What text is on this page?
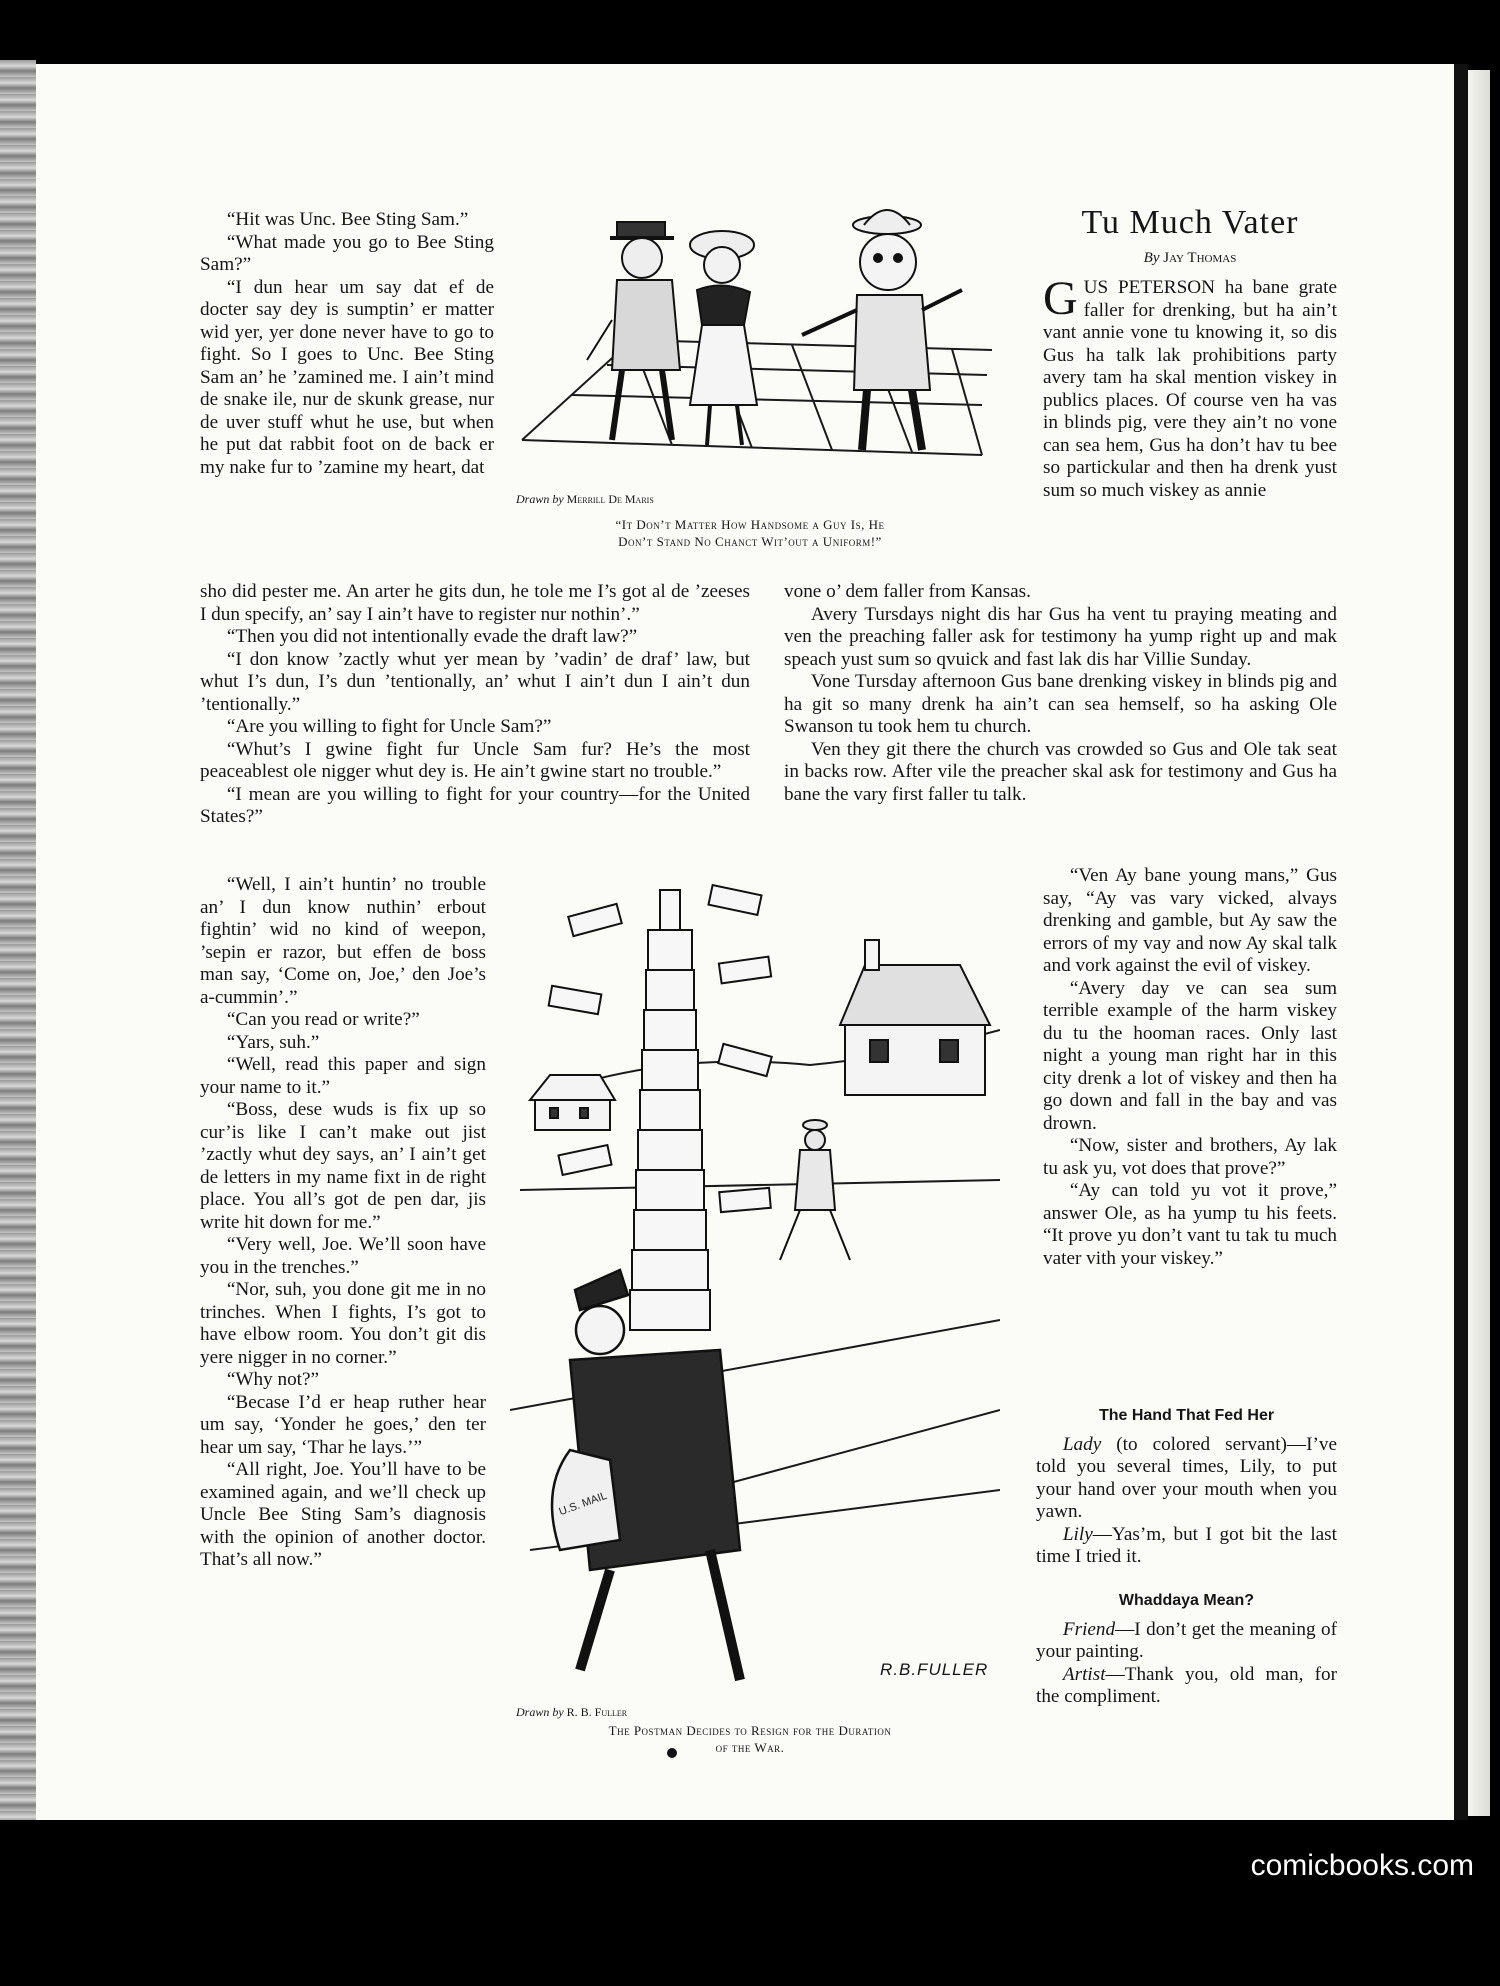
comicbooks.com

“Hit was Unc. Bee Sting Sam.”

“What made you go to Bee Sting Sam?”

“I dun hear um say dat ef de docter say dey is sumptin’ er matter wid yer, yer done never have to go to fight. So I goes to Unc. Bee Sting Sam an’ he ’zamined me. I ain’t mind de snake ile, nur de skunk grease, nur de uver stuff whut he use, but when he put dat rabbit foot on de back er my nake fur to ’zamine my heart, dat

Drawn by Merrill De Maris
“It Don’t Matter How Handsome a Guy Is, He
Don’t Stand No Chanct Wit’out a Uniform!”
Tu Much Vater
By Jay Thomas

GUS PETERSON ha bane grate faller for drenking, but ha ain’t vant annie vone tu knowing it, so dis Gus ha talk lak prohibitions party avery tam ha skal mention viskey in publics places. Of course ven ha vas in blinds pig, vere they ain’t no vone can sea hem, Gus ha don’t hav tu bee so partickular and then ha drenk yust sum so much viskey as annie

sho did pester me. An arter he gits dun, he tole me I’s got al de ’zeeses I dun specify, an’ say I ain’t have to register nur nothin’.”

“Then you did not intentionally evade the draft law?”

“I don know ’zactly whut yer mean by ’vadin’ de draf’ law, but whut I’s dun, I’s dun ’tentionally, an’ whut I ain’t dun I ain’t dun ’tentionally.”

“Are you willing to fight for Uncle Sam?”

“Whut’s I gwine fight fur Uncle Sam fur? He’s the most peaceablest ole nigger whut dey is. He ain’t gwine start no trouble.”

“I mean are you willing to fight for your country—for the United States?”

vone o’ dem faller from Kansas.

Avery Tursdays night dis har Gus ha vent tu praying meating and ven the preaching faller ask for testimony ha yump right up and mak speach yust sum so qvuick and fast lak dis har Villie Sunday.

Vone Tursday afternoon Gus bane drenking viskey in blinds pig and ha git so many drenk ha ain’t can sea hemself, so ha asking Ole Swanson tu took hem tu church.

Ven they git there the church vas crowded so Gus and Ole tak seat in backs row. After vile the preacher skal ask for testimony and Gus ha bane the vary first faller tu talk.

“Well, I ain’t huntin’ no trouble an’ I dun know nuthin’ erbout fightin’ wid no kind of weepon, ’sepin er razor, but effen de boss man say, ‘Come on, Joe,’ den Joe’s a-cummin’.”

“Can you read or write?”

“Yars, suh.”

“Well, read this paper and sign your name to it.”

“Boss, dese wuds is fix up so cur’is like I can’t make out jist ’zactly whut dey says, an’ I ain’t get de letters in my name fixt in de right place. You all’s got de pen dar, jis write hit down for me.”

“Very well, Joe. We’ll soon have you in the trenches.”

“Nor, suh, you done git me in no trinches. When I fights, I’s got to have elbow room. You don’t git dis yere nigger in no corner.”

“Why not?”

“Becase I’d er heap ruther hear um say, ‘Yonder he goes,’ den ter hear um say, ‘Thar he lays.’”

“All right, Joe. You’ll have to be examined again, and we’ll check up Uncle Bee Sting Sam’s diagnosis with the opinion of another doctor. That’s all now.”

U.S. MAIL
R.B.FULLER
Drawn by R. B. Fuller
The Postman Decides to Resign for the Duration
of the War.

“Ven Ay bane young mans,” Gus say, “Ay vas vary vicked, alvays drenking and gamble, but Ay saw the errors of my vay and now Ay skal talk and vork against the evil of viskey.

“Avery day ve can sea sum terrible example of the harm viskey du tu the hooman races. Only last night a young man right har in this city drenk a lot of viskey and then ha go down and fall in the bay and vas drown.

“Now, sister and brothers, Ay lak tu ask yu, vot does that prove?”

“Ay can told yu vot it prove,” answer Ole, as ha yump tu his feets. “It prove yu don’t vant tu tak tu much vater vith your viskey.”

The Hand That Fed Her

Lady (to colored servant)—I’ve told you several times, Lily, to put your hand over your mouth when you yawn.

Lily—Yas’m, but I got bit the last time I tried it.

Whaddaya Mean?

Friend—I don’t get the meaning of your painting.

Artist—Thank you, old man, for the compliment.
